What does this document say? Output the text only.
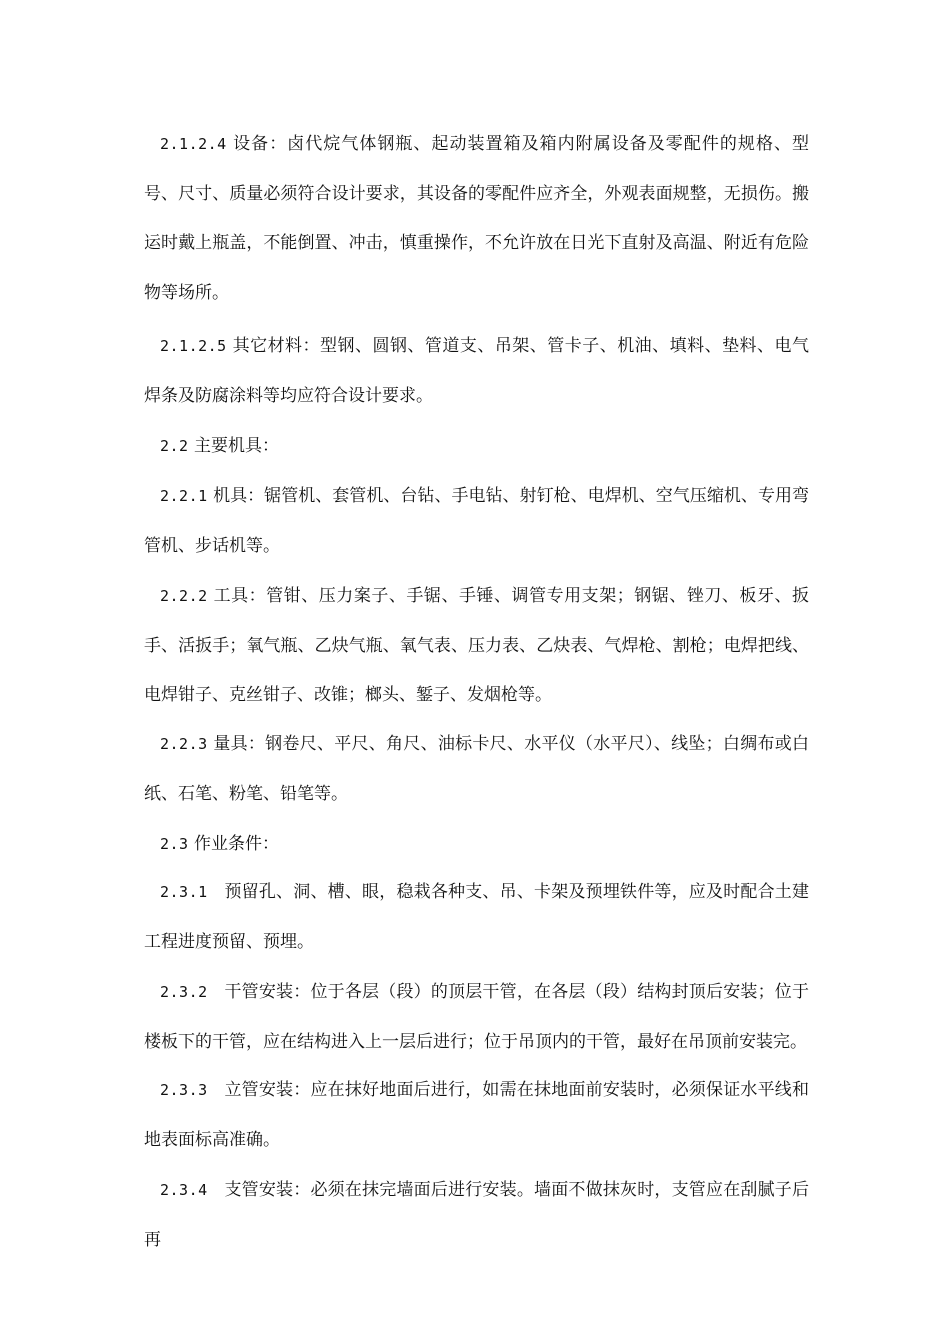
2.1.2.4 设备：卤代烷气体钢瓶、起动装置箱及箱内附属设备及零配件的规格、型号、尺寸、质量必须符合设计要求，其设备的零配件应齐全，外观表面规整，无损伤。搬运时戴上瓶盖，不能倒置、冲击，慎重操作，不允许放在日光下直射及高温、附近有危险物等场所。

2.1.2.5 其它材料：型钢、圆钢、管道支、吊架、管卡子、机油、填料、垫料、电气焊条及防腐涂料等均应符合设计要求。

2.2 主要机具：

2.2.1 机具：锯管机、套管机、台钻、手电钻、射钉枪、电焊机、空气压缩机、专用弯管机、步话机等。

2.2.2 工具：管钳、压力案子、手锯、手锤、调管专用支架；钢锯、锉刀、板牙、扳手、活扳手；氧气瓶、乙炔气瓶、氧气表、压力表、乙炔表、气焊枪、割枪；电焊把线、电焊钳子、克丝钳子、改锥；榔头、錾子、发烟枪等。

2.2.3 量具：钢卷尺、平尺、角尺、油标卡尺、水平仪（水平尺）、线坠；白绸布或白纸、石笔、粉笔、铅笔等。

2.3 作业条件：

2.3.1 预留孔、洞、槽、眼，稳栽各种支、吊、卡架及预埋铁件等，应及时配合土建工程进度预留、预埋。

2.3.2 干管安装：位于各层（段）的顶层干管，在各层（段）结构封顶后安装；位于楼板下的干管，应在结构进入上一层后进行；位于吊顶内的干管，最好在吊顶前安装完。

2.3.3 立管安装：应在抹好地面后进行，如需在抹地面前安装时，必须保证水平线和地表面标高准确。

2.3.4 支管安装：必须在抹完墙面后进行安装。墙面不做抹灰时，支管应在刮腻子后再
